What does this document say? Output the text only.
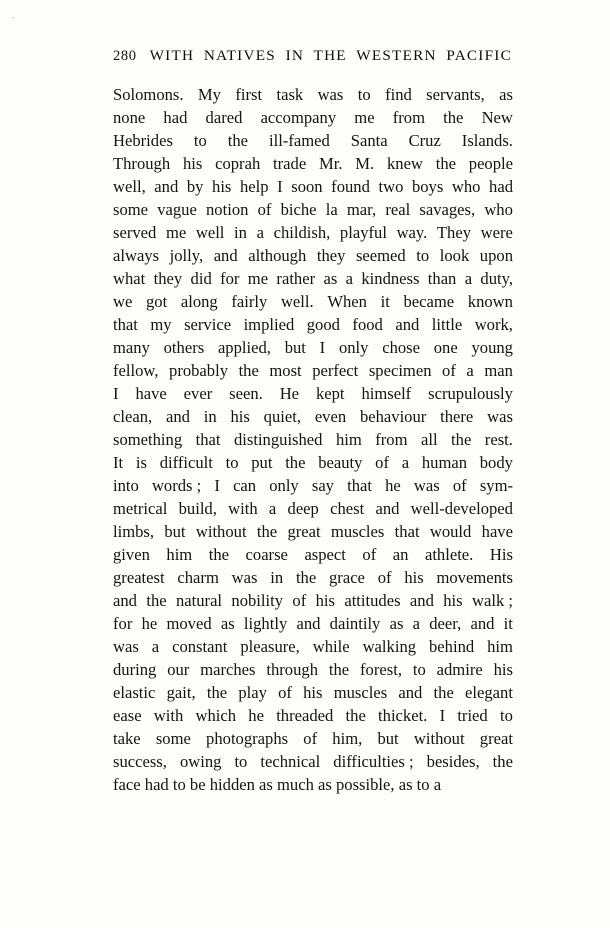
280 WITH NATIVES IN THE WESTERN PACIFIC
Solomons. My first task was to find servants, as
none had dared accompany me from the New
Hebrides to the ill-famed Santa Cruz Islands.
Through his coprah trade Mr. M. knew the people
well, and by his help I soon found two boys who had
some vague notion of biche la mar, real savages, who
served me well in a childish, playful way. They were
always jolly, and although they seemed to look upon
what they did for me rather as a kindness than a duty,
we got along fairly well. When it became known
that my service implied good food and little work,
many others applied, but I only chose one young
fellow, probably the most perfect specimen of a man
I have ever seen. He kept himself scrupulously
clean, and in his quiet, even behaviour there was
something that distinguished him from all the rest.
It is difficult to put the beauty of a human body
into words ; I can only say that he was of sym-
metrical build, with a deep chest and well-developed
limbs, but without the great muscles that would have
given him the coarse aspect of an athlete. His
greatest charm was in the grace of his movements
and the natural nobility of his attitudes and his walk ;
for he moved as lightly and daintily as a deer, and it
was a constant pleasure, while walking behind him
during our marches through the forest, to admire his
elastic gait, the play of his muscles and the elegant
ease with which he threaded the thicket. I tried to
take some photographs of him, but without great
success, owing to technical difficulties ; besides, the
face had to be hidden as much as possible, as to a
